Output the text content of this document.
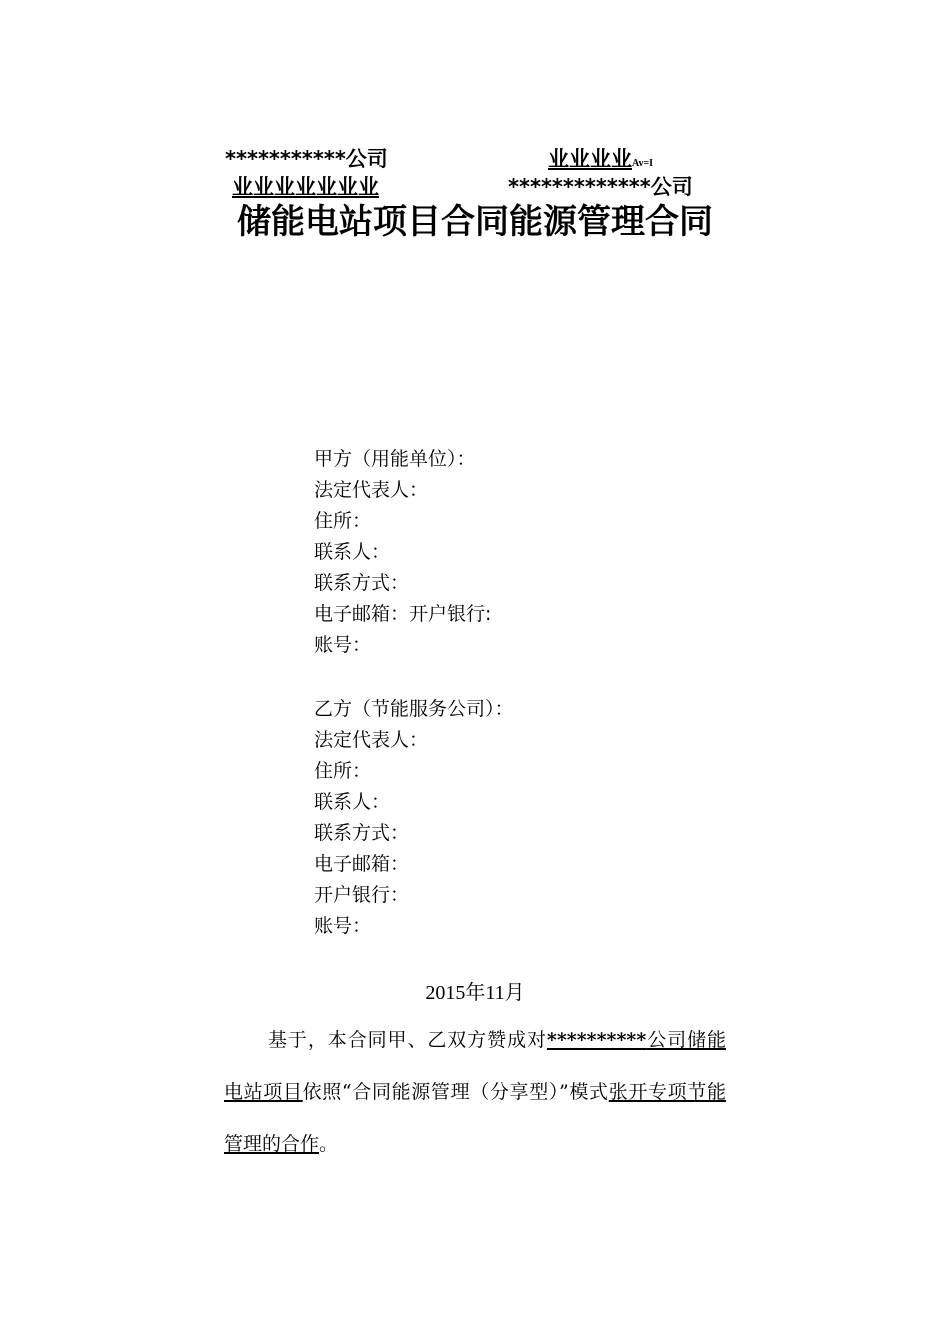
***********公司	业业业业Av=I
业业业业业业业	*************公司
储能电站项目合同能源管理合同
甲方（用能单位）：
法定代表人：
住所：
联系人：
联系方式：
电子邮箱：开户银行:
账号：
乙方（节能服务公司）：
法定代表人：
住所：
联系人：
联系方式：
电子邮箱：
开户银行：
账号：
2015年11月
基于，本合同甲、乙双方赞成对**********公司储能电站项目依照“合同能源管理（分享型）”模式张开专项节能管理的合作。
